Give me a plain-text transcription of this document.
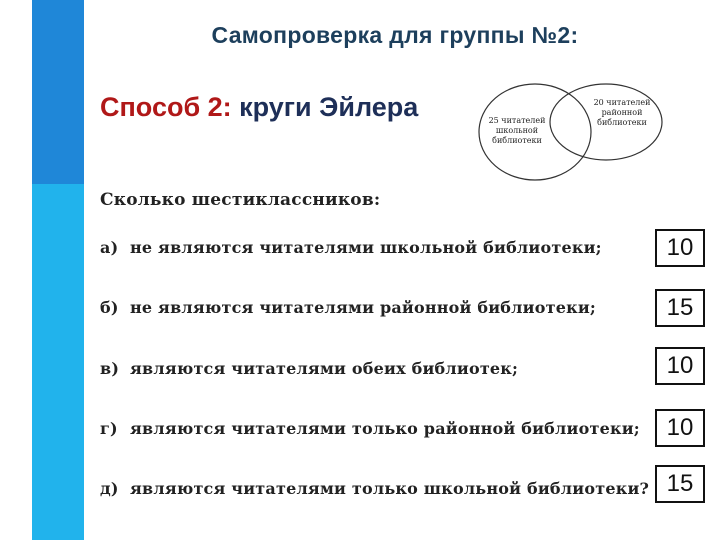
Самопроверка для группы №2:
Способ 2: круги Эйлера	25 читателей
школьной
библиотеки
20 читателей
районной
библиотеки
Сколько шестиклассников:
а) не являются читателями школьной библиотеки;	10
б) не являются читателями районной библиотеки;	15
в) являются читателями обеих библиотек;	10
г) являются читателями только районной библиотеки;	10
д) являются читателями только школьной библиотеки? 15
